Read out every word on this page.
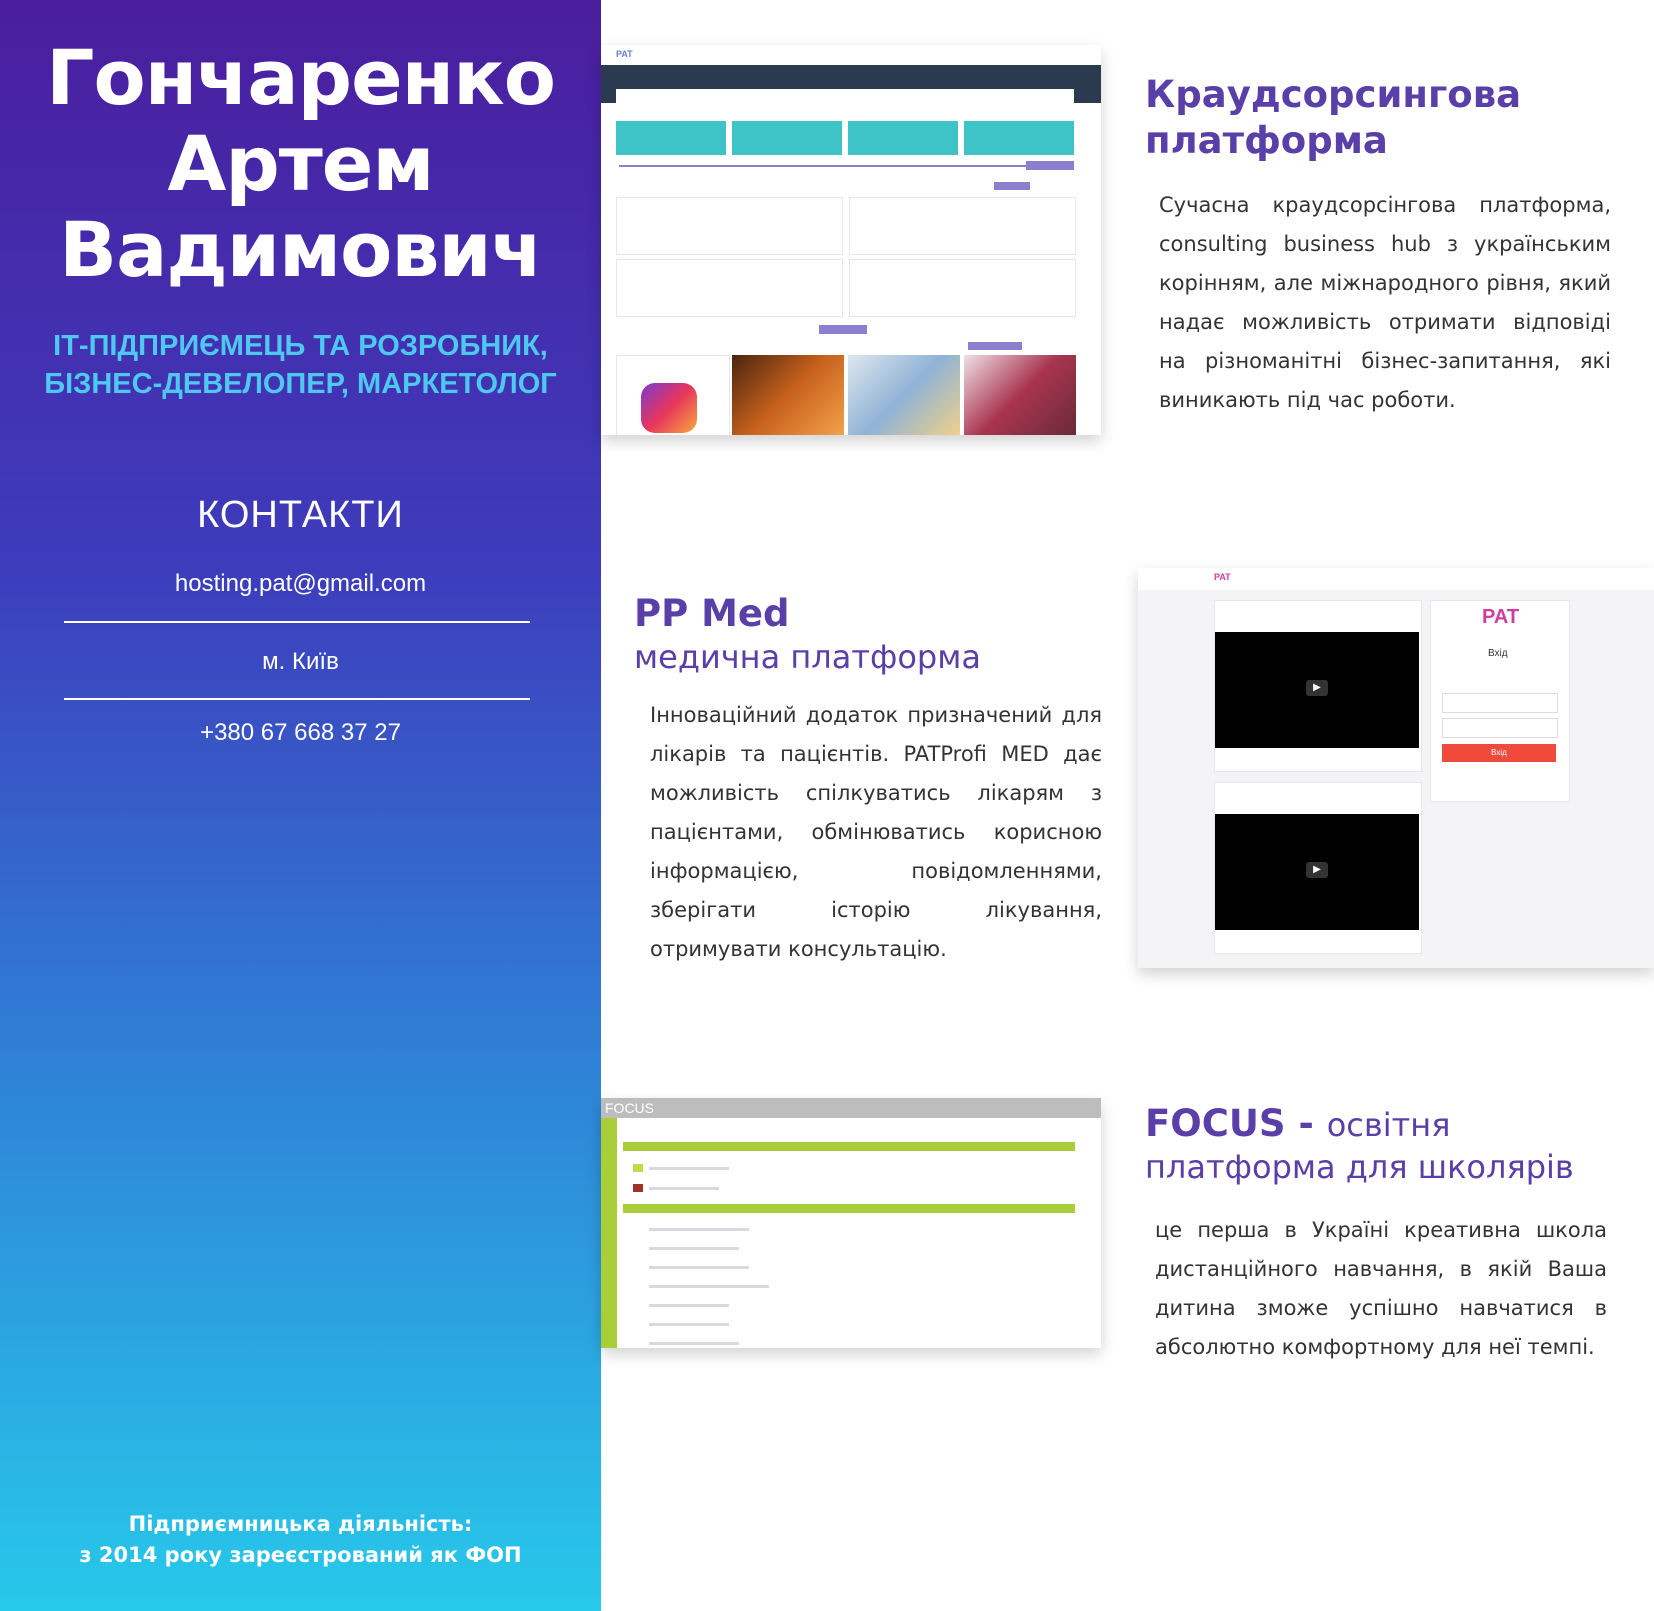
Гончаренко
Артем
Вадимович
ІТ-ПІДПРИЄМЕЦЬ ТА РОЗРОБНИК,
БІЗНЕС-ДЕВЕЛОПЕР, МАРКЕТОЛОГ
КОНТАКТИ
hosting.pat@gmail.com
м. Київ
+380 67 668 37 27
Підприємницька діяльність:
з 2014 року зареєстрований як ФОП
PAT
Краудсорсингова
платформа
Сучасна краудсорсінгова платформа, consulting business hub з українським корінням, але міжнародного рівня, який надає можливість отримати відповіді на різноманітні бізнес-запитання, які виникають під час роботи.
PP Med
медична платформа
Інноваційний додаток призначений для лікарів та пацієнтів. PATProfi MED дає можливість спілкуватись лікарям з пацієнтами, обмінюватись корисною інформацією, повідомленнями, зберігати історію лікування, отримувати консультацію.
PAT
▶
▶
PAT
Вхід
Вхід
FOCUS	FOCUS - освітня
платформа для школярів
це перша в Україні креативна школа дистанційного навчання, в якій Ваша дитина зможе успішно навчатися в абсолютно комфортному для неї темпі.
